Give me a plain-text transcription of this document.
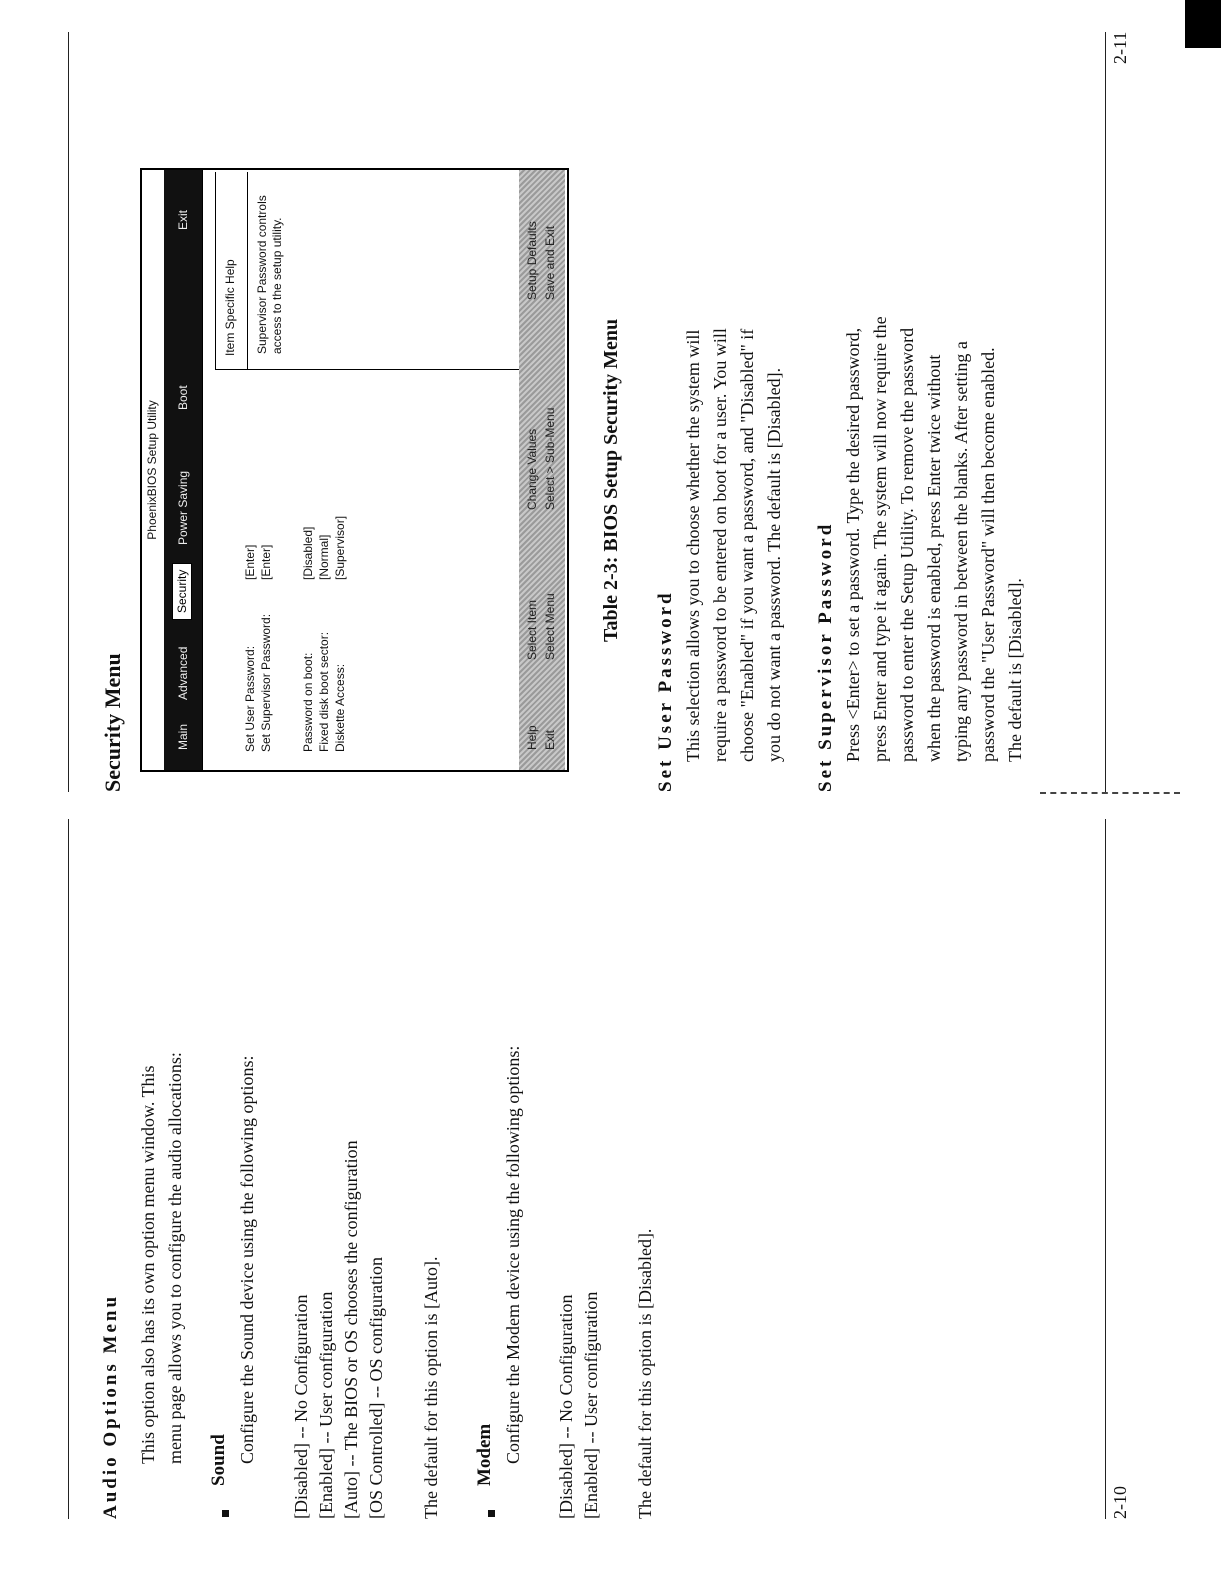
Audio Options Menu This option also has its own option menu window. This menu page allows you to configure the audio allocations: Sound Configure the Sound device using the following options: [Disabled] -- No Configuration [Enabled] -- User configuration [Auto] -- The BIOS or OS chooses the configuration [OS Controlled] -- OS configuration The default for this option is [Auto]. Modem Configure the Modem device using the following options: [Disabled] -- No Configuration [Enabled] -- User configuration The default for this option is [Disabled].	2-10
Security Menu
PhoenixBIOS Setup Utility
Main
Advanced
Security
Power Saving
Boot
Exit
Item Specific Help Supervisor Password controls access to the setup utility.
Set User Password:
[Enter]
Set Supervisor Password:
[Enter]
Password on boot:
[Disabled]
Fixed disk boot sector:
[Normal]
Diskette Access:
[Supervisor]
Help
Select Item
Change Values
Setup Defaults
Exit
Select Menu
Select > Sub-Menu
Save and Exit
Table 2-3: BIOS Setup Security Menu
Set User Password This selection allows you to choose whether the system will require a password to be entered on boot for a user. You will choose "Enabled" if you want a password, and "Disabled" if you do not want a password. The default is [Disabled]. Set Supervisor Password Press <Enter> to set a password. Type the desired password, press Enter and type it again. The system will now require the password to enter the Setup Utility. To remove the password when the password is enabled, press Enter twice without typing any password in between the blanks. After setting a password the "User Password" will then become enabled. The default is [Disabled].
2-11
